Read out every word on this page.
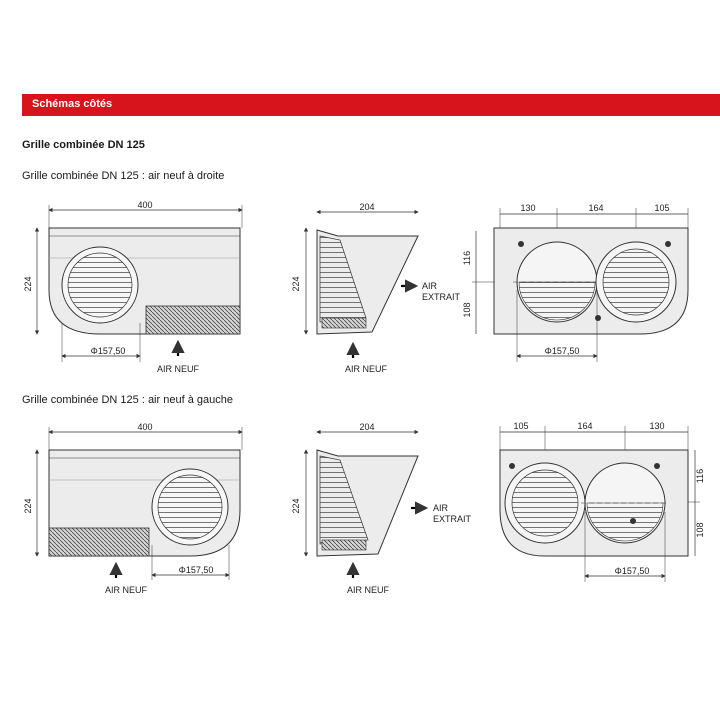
Schémas côtés
Grille combinée DN 125
Grille combinée DN 125 : air neuf à droite
Grille combinée DN 125 : air neuf à gauche
400
224
Φ157,50
AIR NEUF
204
224	AIR
EXTRAIT
AIR NEUF
130	164	105
116
108
Φ157,50
400
224
Φ157,50
AIR NEUF
204
224	AIR
EXTRAIT
AIR NEUF
105	164	130
116
108
Φ157,50
